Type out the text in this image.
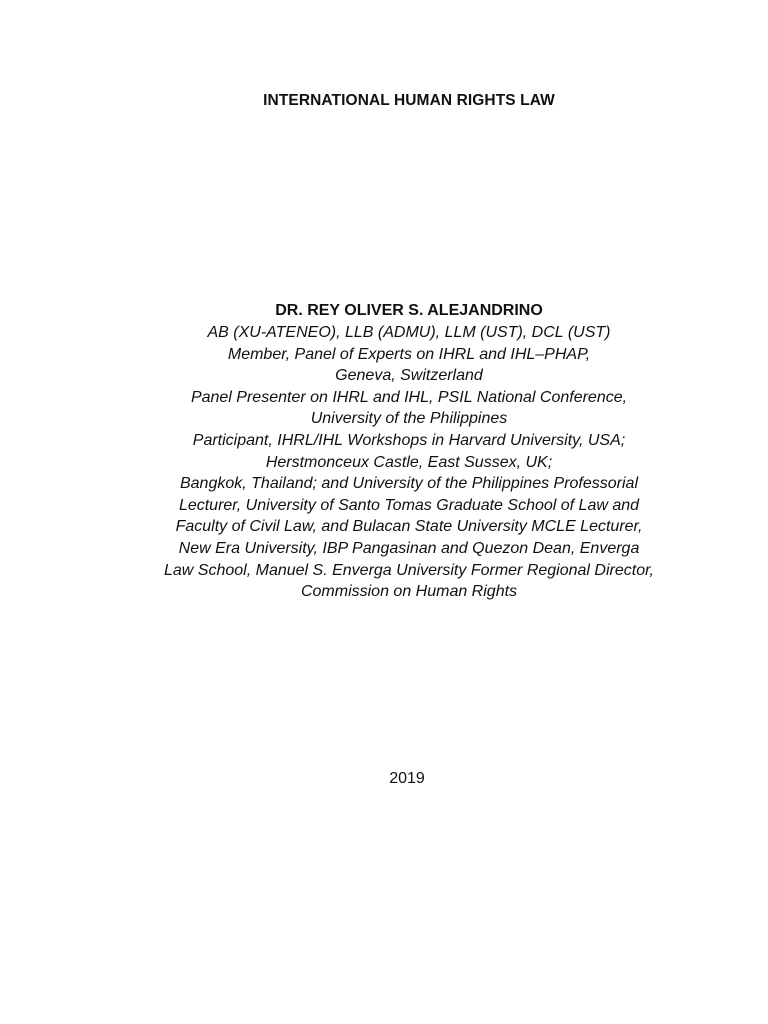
INTERNATIONAL HUMAN RIGHTS LAW
DR. REY OLIVER S. ALEJANDRINO
AB (XU-ATENEO), LLB (ADMU), LLM (UST), DCL (UST)
Member, Panel of Experts on IHRL and IHL–PHAP,
Geneva, Switzerland
Panel Presenter on IHRL and IHL, PSIL National Conference,
University of the Philippines
Participant, IHRL/IHL Workshops in Harvard University, USA;
Herstmonceux Castle, East Sussex, UK;
Bangkok, Thailand; and University of the Philippines Professorial
Lecturer, University of Santo Tomas Graduate School of Law and
Faculty of Civil Law, and Bulacan State University MCLE Lecturer,
New Era University, IBP Pangasinan and Quezon Dean, Enverga
Law School, Manuel S. Enverga University Former Regional Director,
Commission on Human Rights
2019
